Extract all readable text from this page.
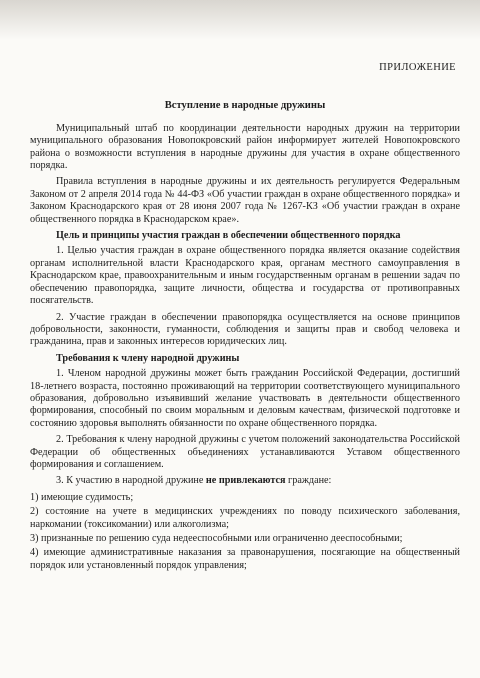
ПРИЛОЖЕНИЕ
Вступление в народные дружины

Муниципальный штаб по координации деятельности народных дружин на территории муниципального образования Новопокровский район информирует жителей Новопокровского района о возможности вступления в народные дружины для участия в охране общественного порядка.

Правила вступления в народные дружины и их деятельность регулируется Федеральным Законом от 2 апреля 2014 года № 44-ФЗ «Об участии граждан в охране общественного порядка» и Законом Краснодарского края от 28 июня 2007 года № 1267-КЗ «Об участии граждан в охране общественного порядка в Краснодарском крае».

Цель и принципы участия граждан в обеспечении общественного порядка

1. Целью участия граждан в охране общественного порядка является оказание содействия органам исполнительной власти Краснодарского края, органам местного самоуправления в Краснодарском крае, правоохранительным и иным государственным органам в решении задач по обеспечению правопорядка, защите личности, общества и государства от противоправных посягательств.

2. Участие граждан в обеспечении правопорядка осуществляется на основе принципов добровольности, законности, гуманности, соблюдения и защиты прав и свобод человека и гражданина, прав и законных интересов юридических лиц.

Требования к члену народной дружины

1. Членом народной дружины может быть гражданин Российской Федерации, достигший 18-летнего возраста, постоянно проживающий на территории соответствующего муниципального образования, добровольно изъявивший желание участвовать в деятельности общественного формирования, способный по своим моральным и деловым качествам, физической подготовке и состоянию здоровья выполнять обязанности по охране общественного порядка.

2. Требования к члену народной дружины с учетом положений законодательства Российской Федерации об общественных объединениях устанавливаются Уставом общественного формирования и соглашением.

3. К участию в народной дружине не привлекаются граждане:

1) имеющие судимость;

2) состояние на учете в медицинских учреждениях по поводу психического заболевания, наркомании (токсикомании) или алкоголизма;

3) признанные по решению суда недееспособными или ограниченно дееспособными;

4) имеющие административные наказания за правонарушения, посягающие на общественный порядок или установленный порядок управления;
